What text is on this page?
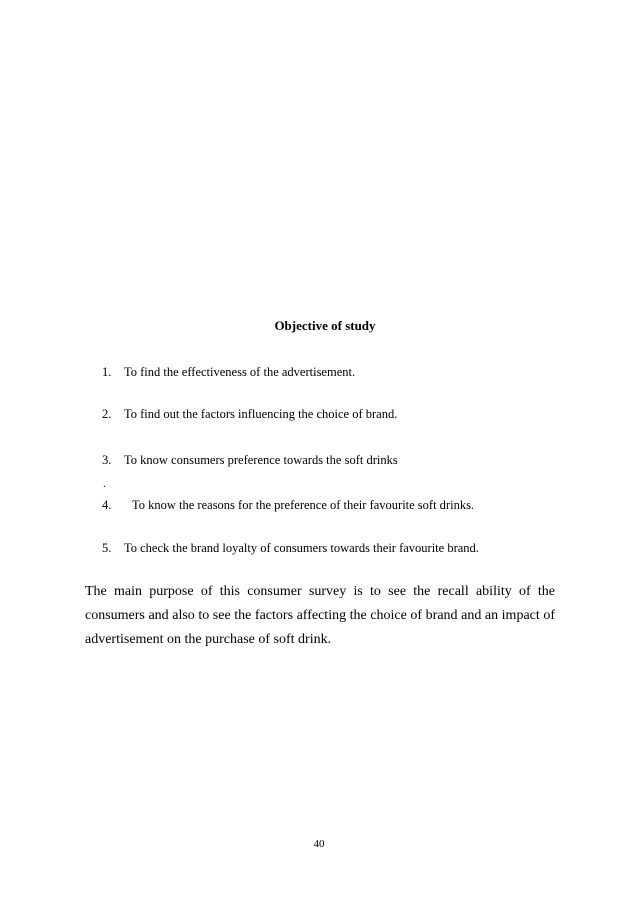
Objective of study
1. To find the effectiveness of the advertisement.
2. To find out the factors influencing the choice of brand.
3. To know consumers preference towards the soft drinks
.
4. To know the reasons for the preference of their favourite soft drinks.
5. To check the brand loyalty of consumers towards their favourite brand.
The main purpose of this consumer survey is to see the recall ability of the consumers and also to see the factors affecting the choice of brand and an impact of advertisement on the purchase of soft drink.
40
